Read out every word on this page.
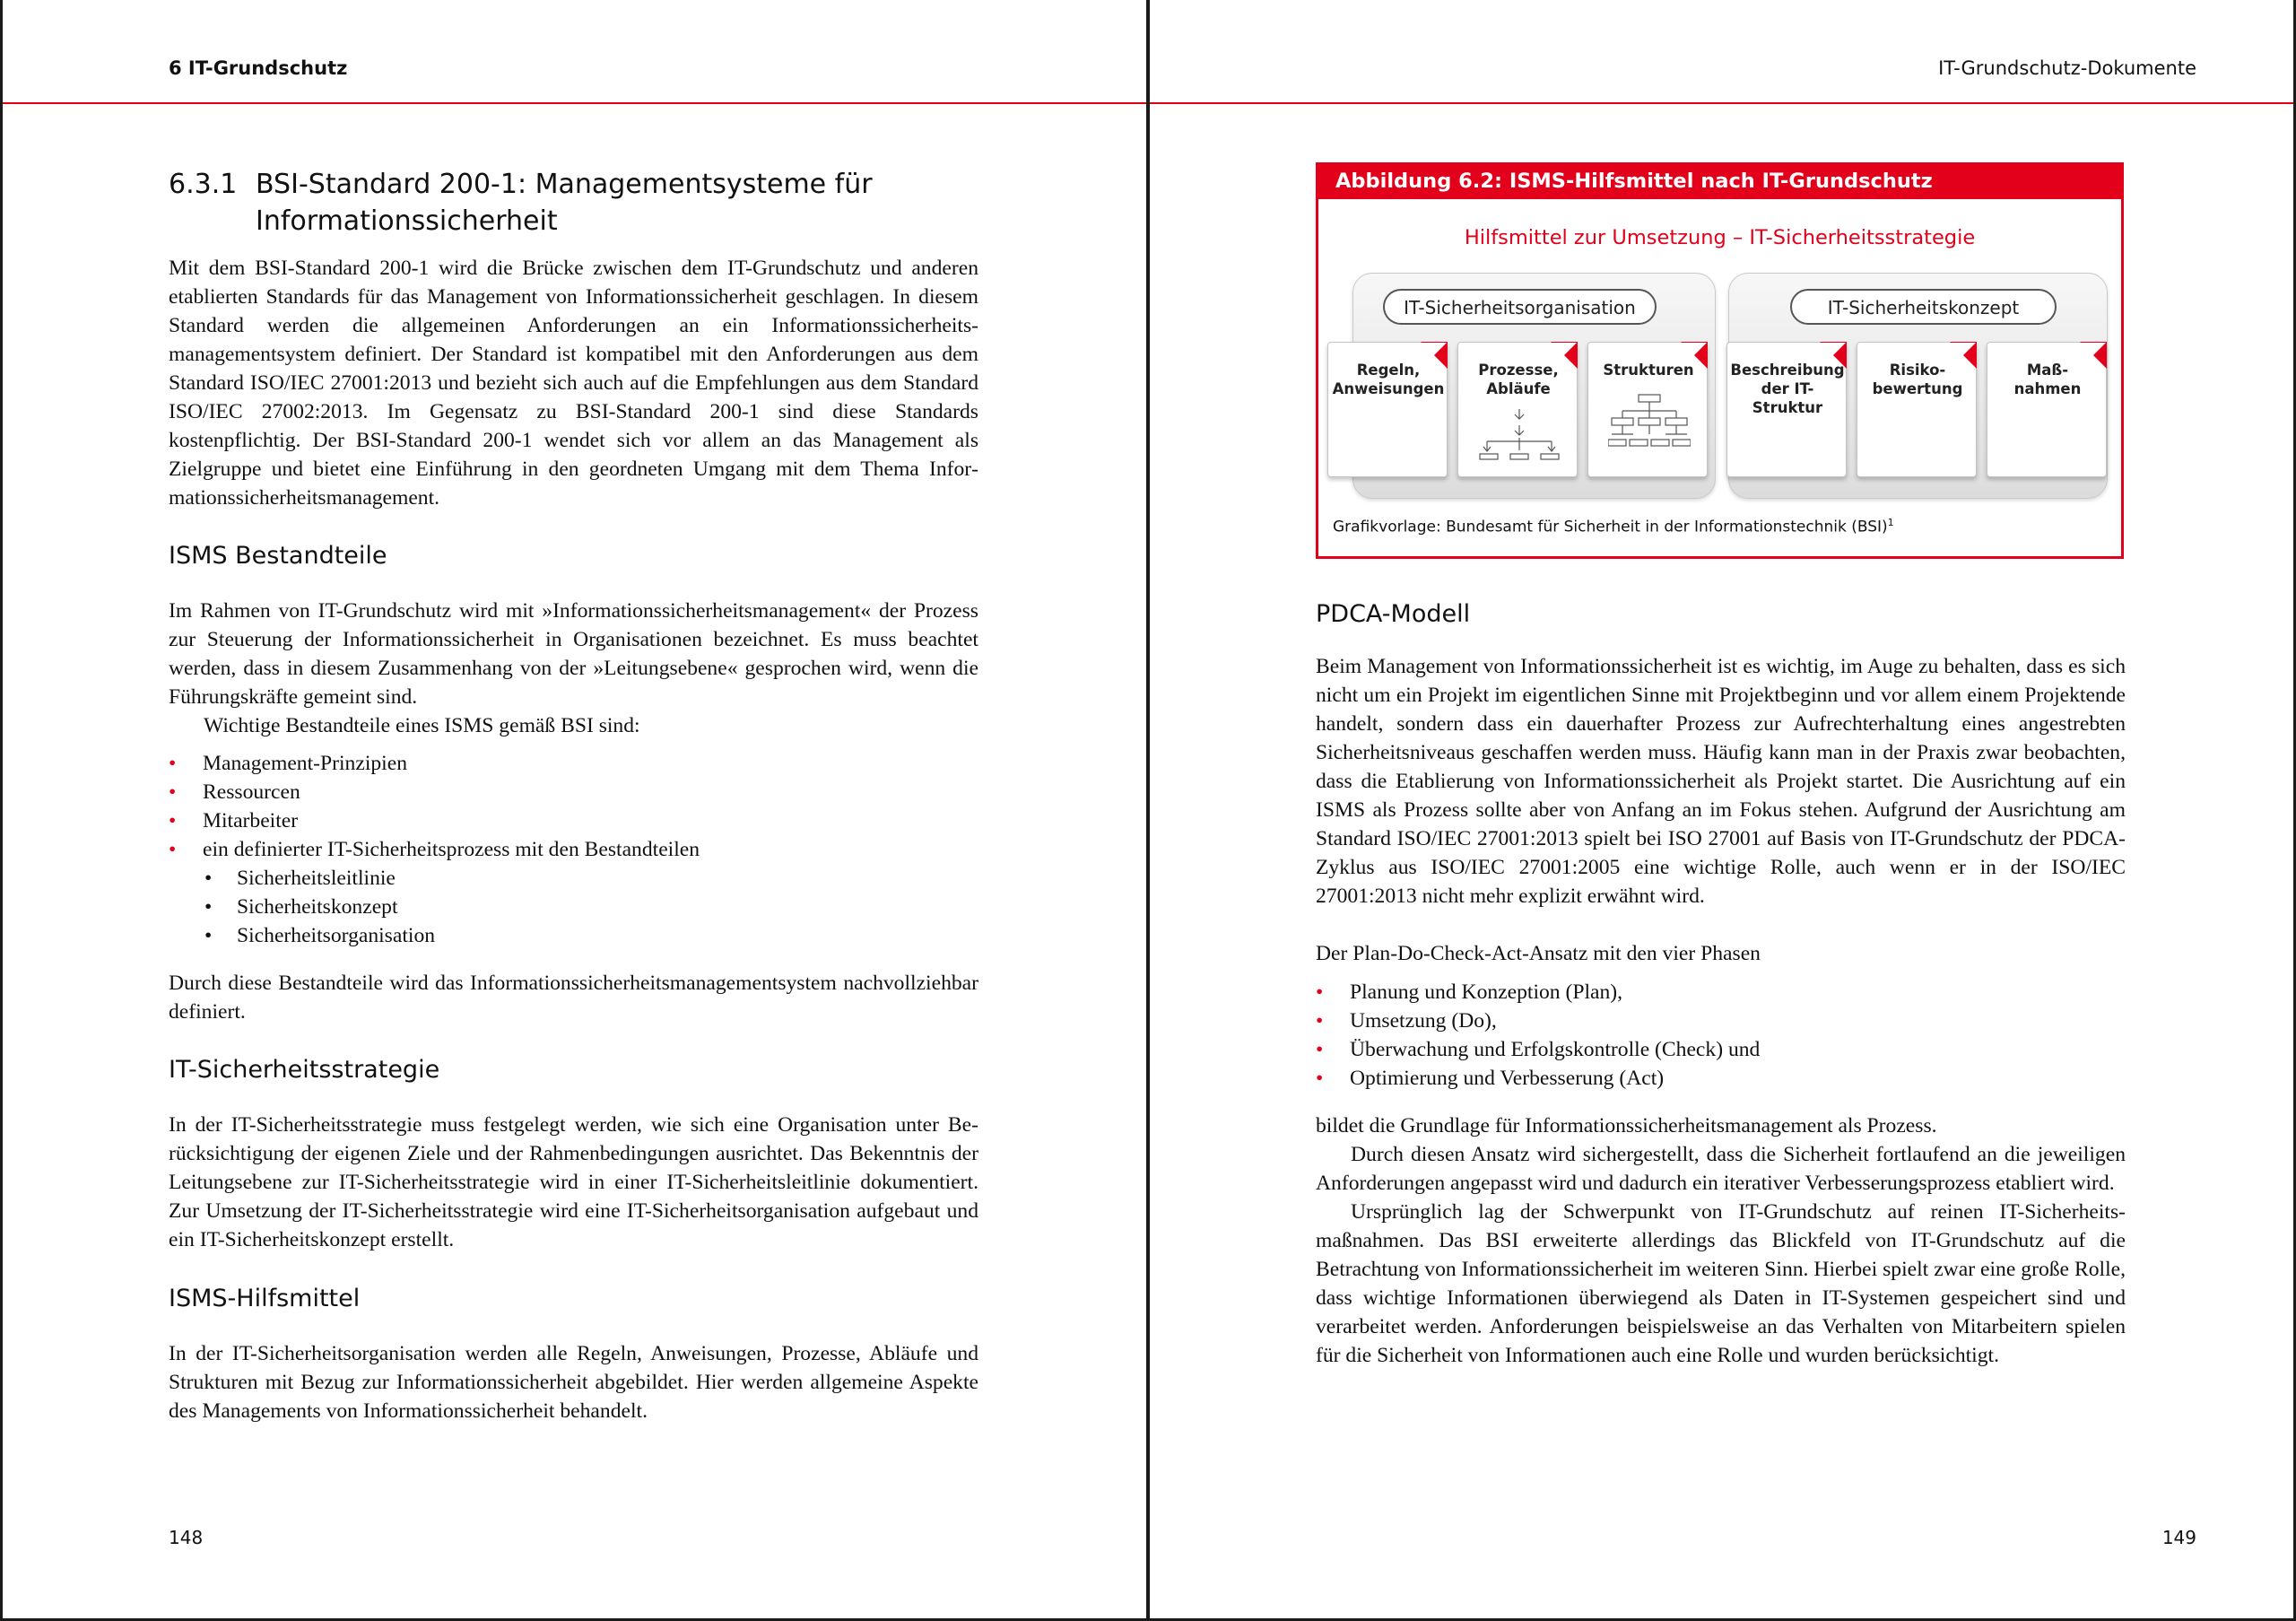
6 IT-Grundschutz
6.3.1 BSI-Standard 200-1: Managementsysteme für
Informationssicherheit

Mit dem BSI-Standard 200-1 wird die Brücke zwischen dem IT-Grundschutz und anderen etablierten Standards für das Management von Informationssicherheit geschlagen. In diesem Standard werden die allgemeinen Anforderungen an ein Informationssicherheitsmanagementsystem definiert. Der Standard ist kompatibel mit den Anforderungen aus dem Standard ISO/IEC 27001:2013 und bezieht sich auch auf die Empfehlungen aus dem Standard ISO/IEC 27002:2013. Im Gegensatz zu BSI-Standard 200-1 sind diese Standards kostenpflichtig. Der BSI-Standard 200-1 wendet sich vor allem an das Management als Zielgruppe und bietet eine Einführung in den geordneten Umgang mit dem Thema Informationssicherheitsmanagement.

ISMS Bestandteile

Im Rahmen von IT-Grundschutz wird mit »Informationssicherheitsmanagement« der Prozess zur Steuerung der Informationssicherheit in Organisationen bezeichnet. Es muss beachtet werden, dass in diesem Zusammenhang von der »Leitungsebene« gesprochen wird, wenn die Führungskräfte gemeint sind.

Wichtige Bestandteile eines ISMS gemäß BSI sind:

• Management-Prinzipien
• Ressourcen
• Mitarbeiter
• ein definierter IT-Sicherheitsprozess mit den Bestandteilen
• Sicherheitsleitlinie
• Sicherheitskonzept
• Sicherheitsorganisation

Durch diese Bestandteile wird das Informationssicherheitsmanagementsystem nachvollziehbar definiert.

IT-Sicherheitsstrategie

In der IT-Sicherheitsstrategie muss festgelegt werden, wie sich eine Organisation unter Berücksichtigung der eigenen Ziele und der Rahmenbedingungen ausrichtet. Das Bekenntnis der Leitungsebene zur IT-Sicherheitsstrategie wird in einer IT-Sicherheitsleitlinie dokumentiert. Zur Umsetzung der IT-Sicherheitsstrategie wird eine IT-Sicherheitsorganisation aufgebaut und ein IT-Sicherheitskonzept erstellt.

ISMS-Hilfsmittel

In der IT-Sicherheitsorganisation werden alle Regeln, Anweisungen, Prozesse, Abläufe und Strukturen mit Bezug zur Informationssicherheit abgebildet. Hier werden allgemeine Aspekte des Managements von Informationssicherheit behandelt.

148
IT-Grundschutz-Dokumente
149
Abbildung 6.2: ISMS-Hilfsmittel nach IT-Grundschutz
Hilfsmittel zur Umsetzung – IT-Sicherheitsstrategie
IT-Sicherheitsorganisation	IT-Sicherheitskonzept
Regeln,
Anweisungen
Prozesse,
Abläufe
Strukturen	Beschreibung
der IT-Struktur
Risiko-
bewertung
Maß-
nahmen
Grafikvorlage: Bundesamt für Sicherheit in der Informationstechnik (BSI)$^1$
PDCA-Modell

Beim Management von Informationssicherheit ist es wichtig, im Auge zu behalten, dass es sich nicht um ein Projekt im eigentlichen Sinne mit Projektbeginn und vor allem einem Projektende handelt, sondern dass ein dauerhafter Prozess zur Aufrechterhaltung eines angestrebten Sicherheitsniveaus geschaffen werden muss. Häufig kann man in der Praxis zwar beobachten, dass die Etablierung von Informationssicherheit als Projekt startet. Die Ausrichtung auf ein ISMS als Prozess sollte aber von Anfang an im Fokus stehen. Aufgrund der Ausrichtung am Standard ISO/IEC 27001:2013 spielt bei ISO 27001 auf Basis von IT-Grundschutz der PDCA-Zyklus aus ISO/IEC 27001:2005 eine wichtige Rolle, auch wenn er in der ISO/IEC 27001:2013 nicht mehr explizit erwähnt wird.

Der Plan-Do-Check-Act-Ansatz mit den vier Phasen

• Planung und Konzeption (Plan),
• Umsetzung (Do),
• Überwachung und Erfolgskontrolle (Check) und
• Optimierung und Verbesserung (Act)

bildet die Grundlage für Informationssicherheitsmanagement als Prozess.

Durch diesen Ansatz wird sichergestellt, dass die Sicherheit fortlaufend an die jeweiligen Anforderungen angepasst wird und dadurch ein iterativer Verbesserungsprozess etabliert wird.

Ursprünglich lag der Schwerpunkt von IT-Grundschutz auf reinen IT-Sicherheitsmaßnahmen. Das BSI erweiterte allerdings das Blickfeld von IT-Grundschutz auf die Betrachtung von Informationssicherheit im weiteren Sinn. Hierbei spielt zwar eine große Rolle, dass wichtige Informationen überwiegend als Daten in IT-Systemen gespeichert sind und verarbeitet werden. Anforderungen beispielsweise an das Verhalten von Mitarbeitern spielen für die Sicherheit von Informationen auch eine Rolle und wurden berücksichtigt.
